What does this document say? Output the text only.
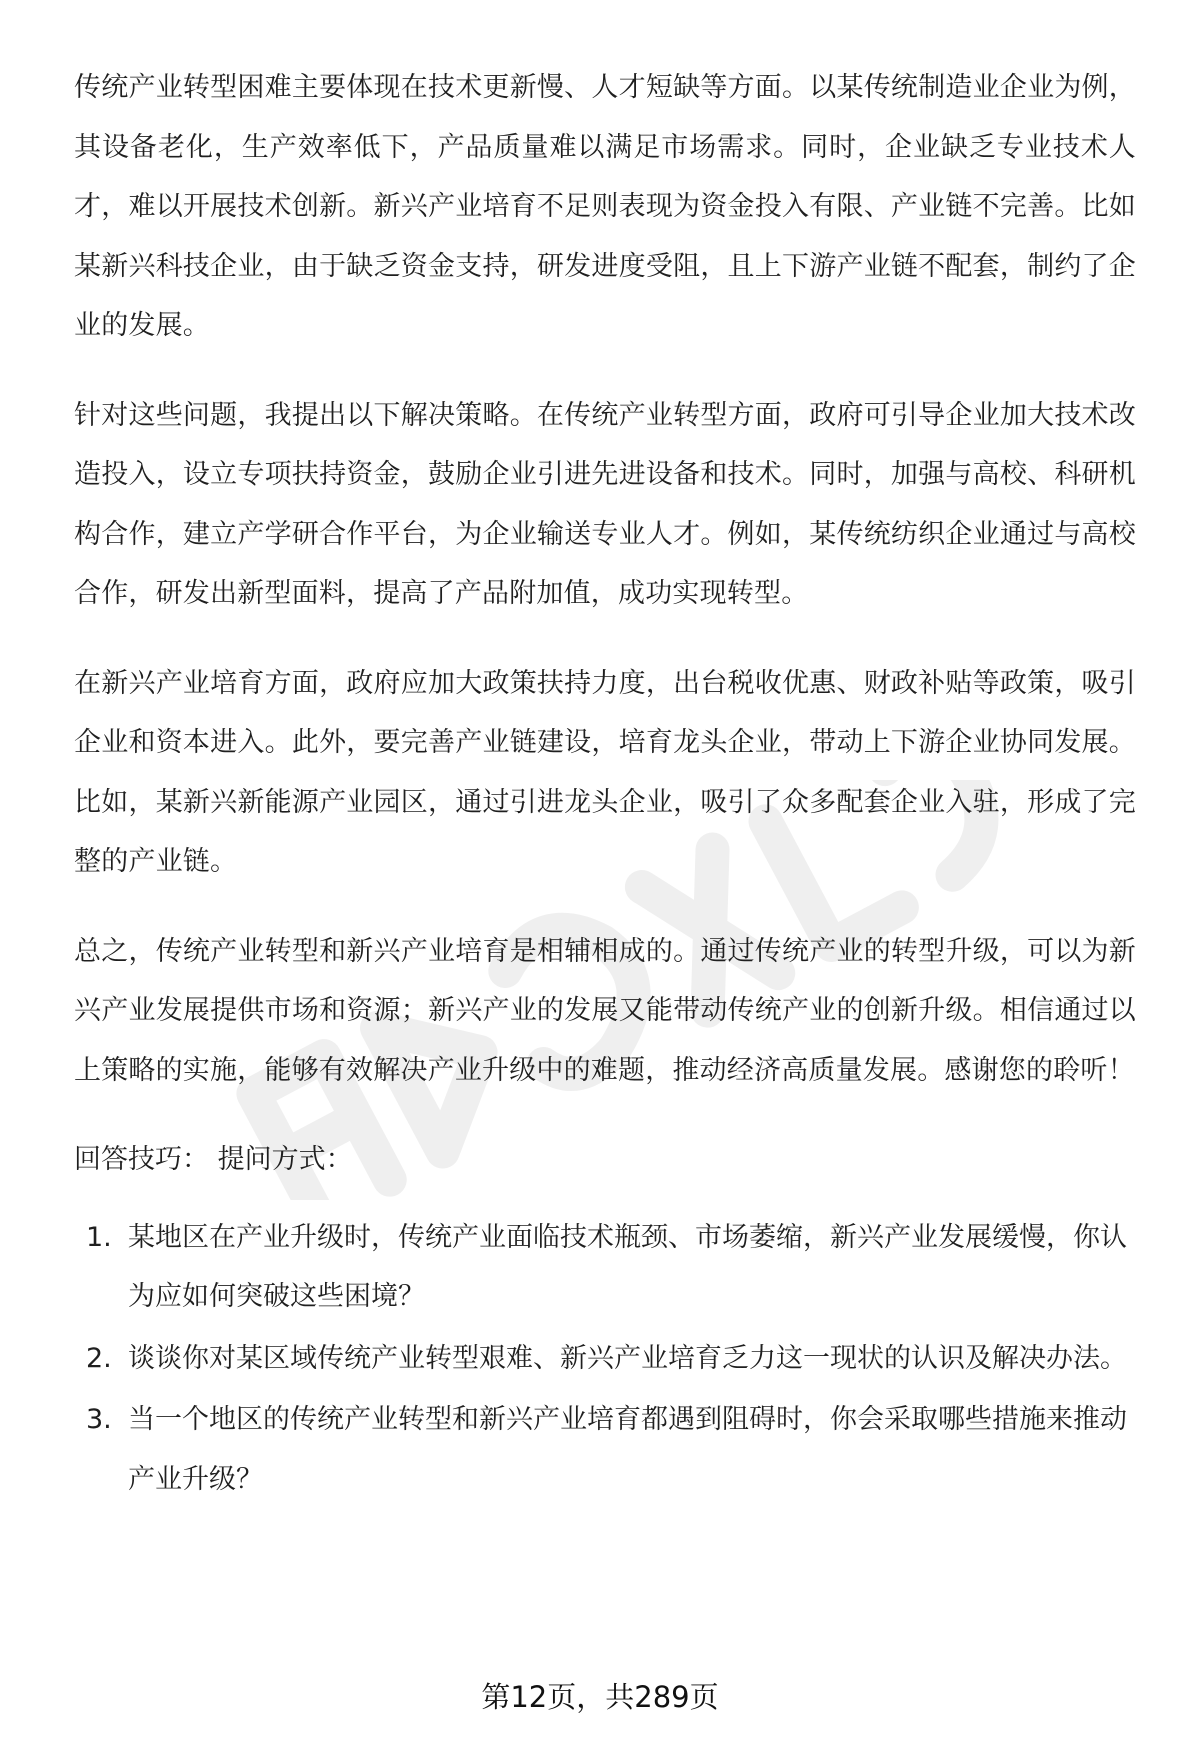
传统产业转型困难主要体现在技术更新慢、人才短缺等方面。以某传统制造业企业为例，其设备老化，生产效率低下，产品质量难以满足市场需求。同时，企业缺乏专业技术人才，难以开展技术创新。新兴产业培育不足则表现为资金投入有限、产业链不完善。比如某新兴科技企业，由于缺乏资金支持，研发进度受阻，且上下游产业链不配套，制约了企业的发展。

针对这些问题，我提出以下解决策略。在传统产业转型方面，政府可引导企业加大技术改造投入，设立专项扶持资金，鼓励企业引进先进设备和技术。同时，加强与高校、科研机构合作，建立产学研合作平台，为企业输送专业人才。例如，某传统纺织企业通过与高校合作，研发出新型面料，提高了产品附加值，成功实现转型。

在新兴产业培育方面，政府应加大政策扶持力度，出台税收优惠、财政补贴等政策，吸引企业和资本进入。此外，要完善产业链建设，培育龙头企业，带动上下游企业协同发展。比如，某新兴新能源产业园区，通过引进龙头企业，吸引了众多配套企业入驻，形成了完整的产业链。

总之，传统产业转型和新兴产业培育是相辅相成的。通过传统产业的转型升级，可以为新兴产业发展提供市场和资源；新兴产业的发展又能带动传统产业的创新升级。相信通过以上策略的实施，能够有效解决产业升级中的难题，推动经济高质量发展。感谢您的聆听！

回答技巧： 提问方式：
1. 某地区在产业升级时，传统产业面临技术瓶颈、市场萎缩，新兴产业发展缓慢，你认为应如何突破这些困境？
2. 谈谈你对某区域传统产业转型艰难、新兴产业培育乏力这一现状的认识及解决办法。
3. 当一个地区的传统产业转型和新兴产业培育都遇到阻碍时，你会采取哪些措施来推动产业升级？
第12页，共289页
